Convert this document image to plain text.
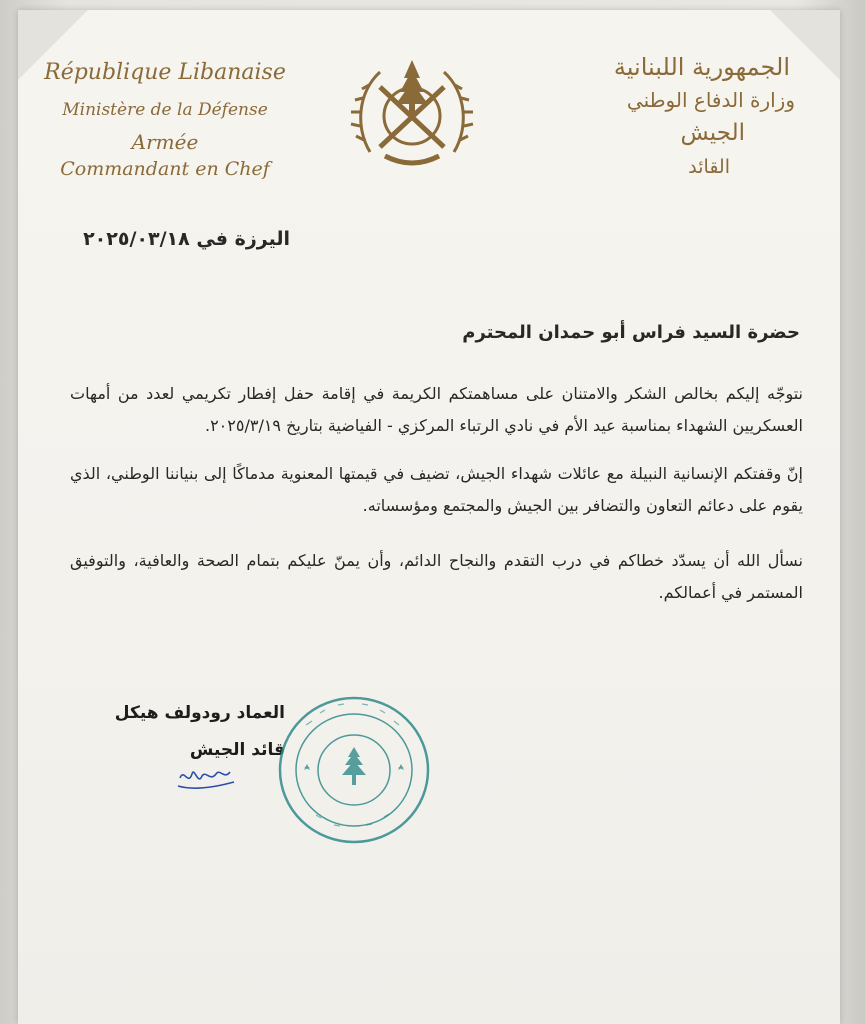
République Libanaise
Ministère de la Défense
Armée
Commandant en Chef
الجمهورية اللبنانية
وزارة الدفاع الوطني
الجيش
القائد
اليرزة في ٢٠٢٥/٠٣/١٨
حضرة السيد فراس أبو حمدان المحترم

نتوجّه إليكم بخالص الشكر والامتنان على مساهمتكم الكريمة في إقامة حفل إفطار تكريمي لعدد من أمهات العسكريين الشهداء بمناسبة عيد الأم في نادي الرتباء المركزي - الفياضية بتاريخ ٢٠٢٥/٣/١٩.

إنّ وقفتكم الإنسانية النبيلة مع عائلات شهداء الجيش، تضيف في قيمتها المعنوية مدماكًا إلى بنياننا الوطني، الذي يقوم على دعائم التعاون والتضافر بين الجيش والمجتمع ومؤسساته.

نسأل الله أن يسدّد خطاكم في درب التقدم والنجاح الدائم، وأن يمنّ عليكم بتمام الصحة والعافية، والتوفيق المستمر في أعمالكم.

العماد رودولف هيكل
قائد الجيش
